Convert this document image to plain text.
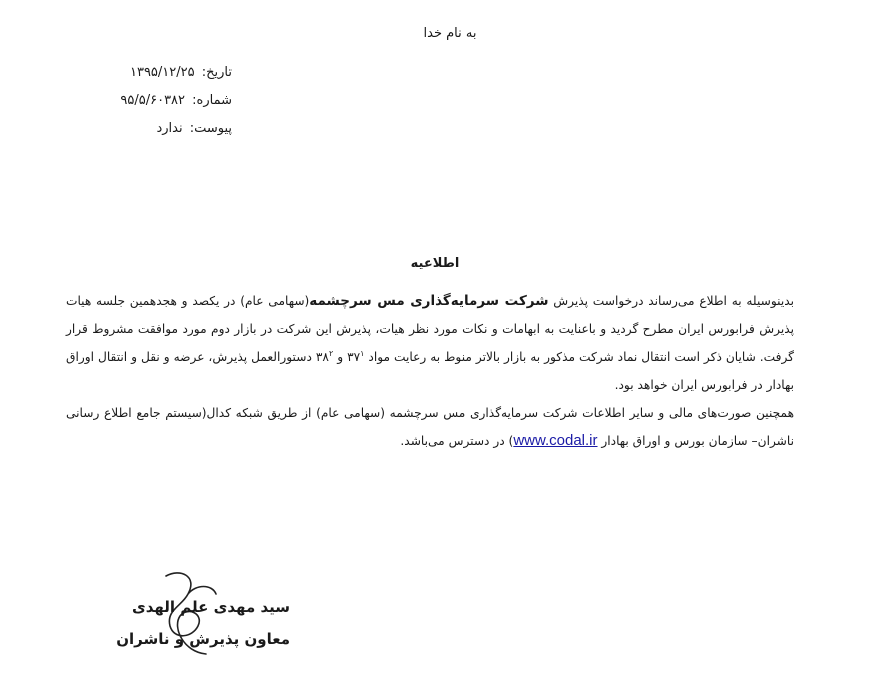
به نام خدا
تاریخ: ۱۳۹۵/۱۲/۲۵
شماره: ۹۵/۵/۶۰۳۸۲
پیوست: ندارد
اطلاعیه

بدینوسیله به اطلاع می‌رساند درخواست پذیرش شرکت سرمایه‌گذاری مس سرچشمه(سهامی عام) در یکصد و هجدهمین جلسه هیات پذیرش فرابورس ایران مطرح گردید و باعنایت به ابهامات و نکات مورد نظر هیات، پذیرش این شرکت در بازار دوم مورد موافقت مشروط قرار گرفت. شایان ذکر است انتقال نماد شرکت مذکور به بازار بالاتر منوط به رعایت مواد $۳۷^۱$ و $۳۸^۲$ دستورالعمل پذیرش، عرضه و نقل و انتقال اوراق بهادار در فرابورس ایران خواهد بود.

همچنین صورت‌های مالی و سایر اطلاعات شرکت سرمایه‌گذاری مس سرچشمه (سهامی عام) از طریق شبکه کدال(سیستم جامع اطلاع رسانی ناشران– سازمان بورس و اوراق بهادار www.codal.ir) در دسترس می‌باشد.

سید مهدی علم الهدی
معاون پذیرش و ناشران
